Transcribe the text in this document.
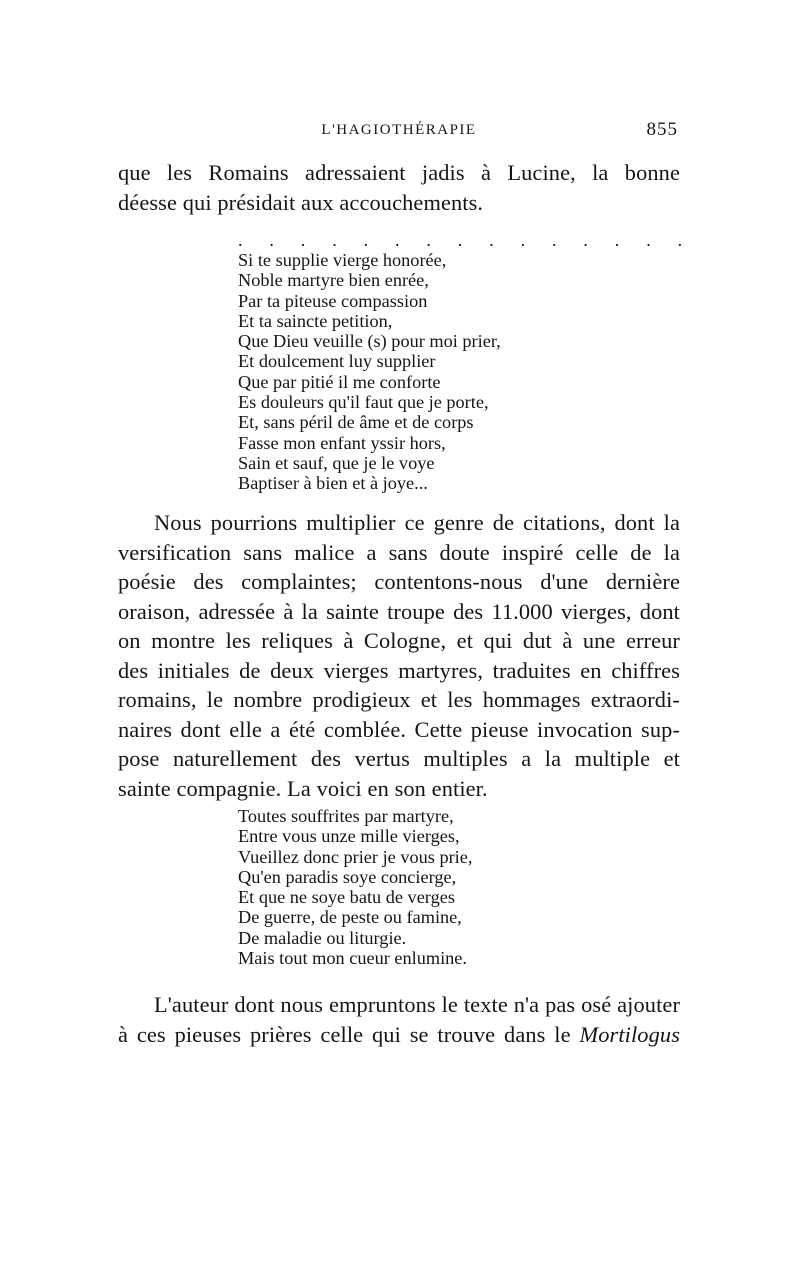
L'HAGIOTHÉRAPIE	855

que les Romains adressaient jadis à Lucine, la bonne
déesse qui présidait aux accouchements.

. . . . . . . . . . . . . . .
Si te supplie vierge honorée,
Noble martyre bien enrée,
Par ta piteuse compassion
Et ta saincte petition,
Que Dieu veuille (s) pour moi prier,
Et doulcement luy supplier
Que par pitié il me conforte
Es douleurs qu'il faut que je porte,
Et, sans péril de âme et de corps
Fasse mon enfant yssir hors,
Sain et sauf, que je le voye
Baptiser à bien et à joye...

Nous pourrions multiplier ce genre de citations, dont la
versification sans malice a sans doute inspiré celle de la
poésie des complaintes; contentons-nous d'une dernière
oraison, adressée à la sainte troupe des 11.000 vierges, dont
on montre les reliques à Cologne, et qui dut à une erreur
des initiales de deux vierges martyres, traduites en chiffres
romains, le nombre prodigieux et les hommages extraordi-
naires dont elle a été comblée. Cette pieuse invocation sup-
pose naturellement des vertus multiples a la multiple et
sainte compagnie. La voici en son entier.

Toutes souffrites par martyre,
Entre vous unze mille vierges,
Vueillez donc prier je vous prie,
Qu'en paradis soye concierge,
Et que ne soye batu de verges
De guerre, de peste ou famine,
De maladie ou liturgie.
Mais tout mon cueur enlumine.

L'auteur dont nous empruntons le texte n'a pas osé ajouter
à ces pieuses prières celle qui se trouve dans le Mortilogus
